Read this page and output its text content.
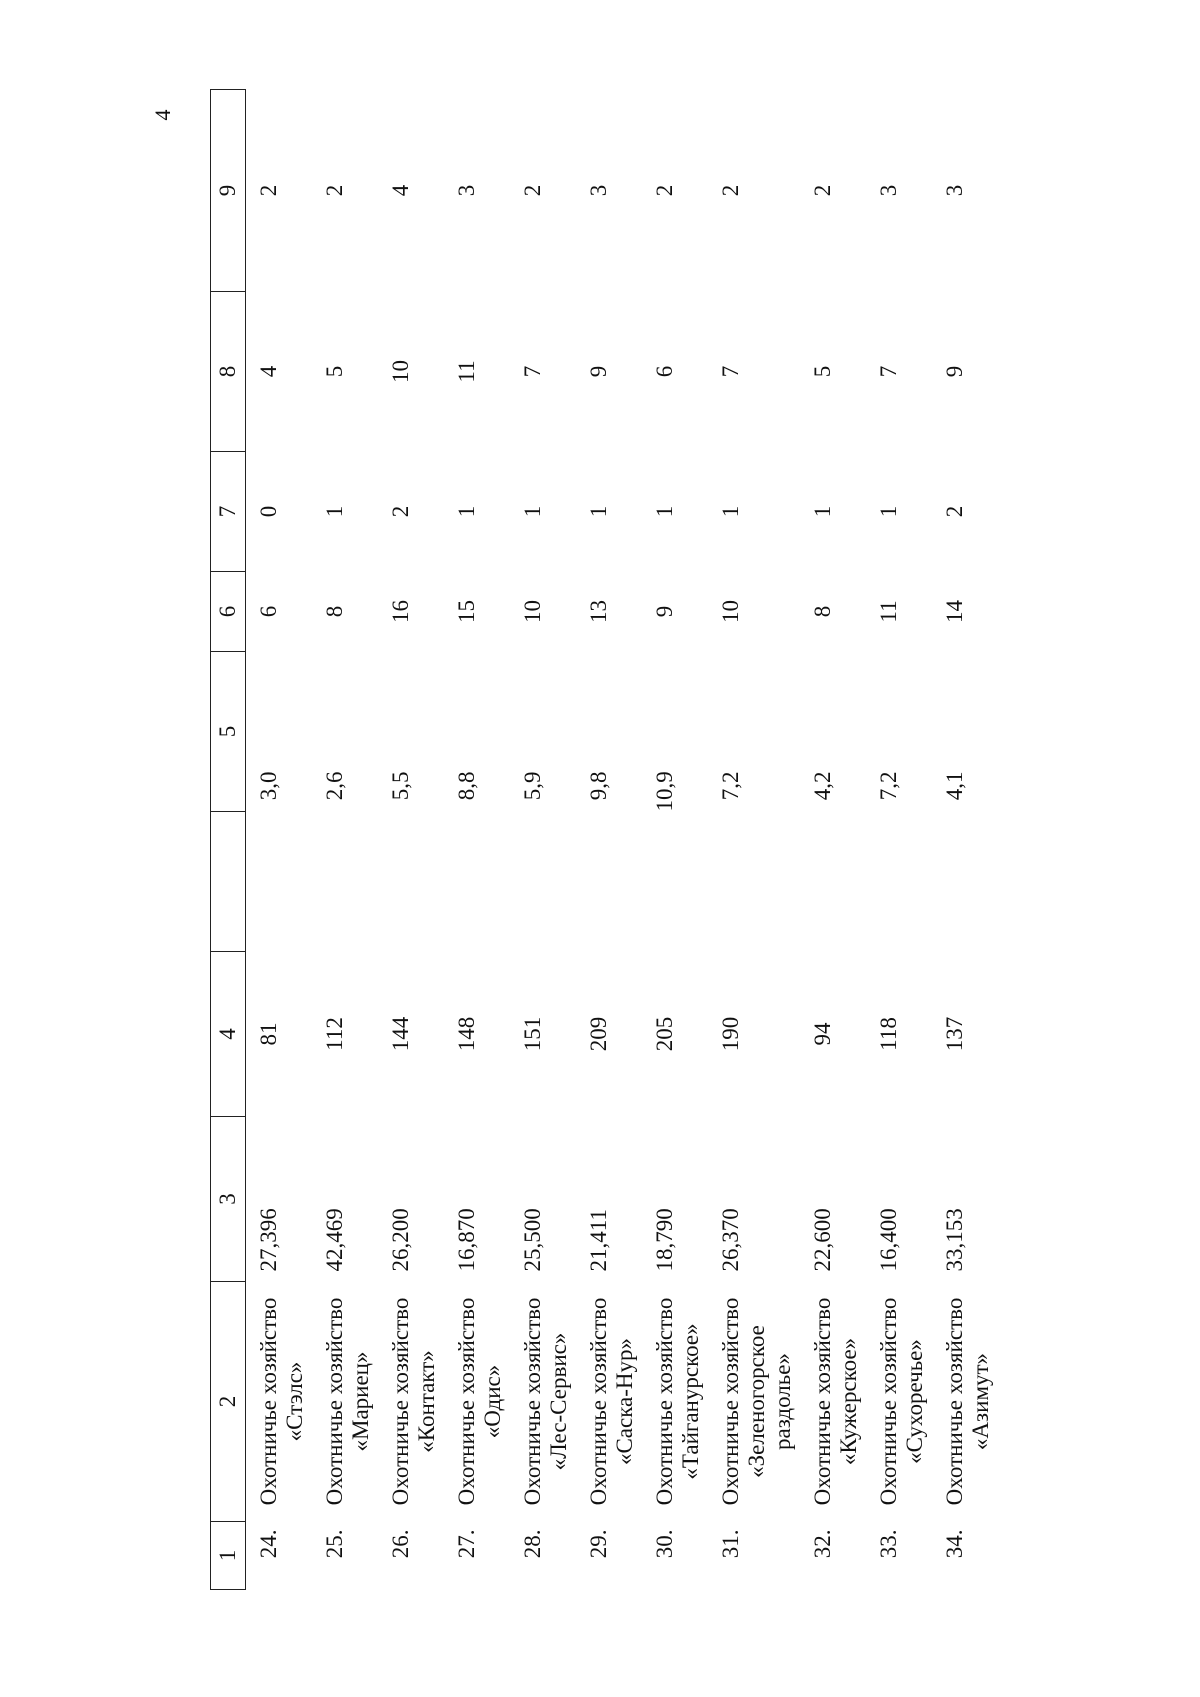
4
1	2	3	4		5	6	7	8	9
24.	Охотничье хозяйство «Стэлс»	27,396	81		3,0	6	0	4	2
25.	Охотничье хозяйство «Мариец»	42,469	112		2,6	8	1	5	2
26.	Охотничье хозяйство «Контакт»	26,200	144		5,5	16	2	10	4
27.	Охотничье хозяйство «Одис»	16,870	148		8,8	15	1	11	3
28.	Охотничье хозяйство «Лес-Сервис»	25,500	151		5,9	10	1	7	2
29.	Охотничье хозяйство «Саска-Нур»	21,411	209		9,8	13	1	9	3
30.	Охотничье хозяйство «Тайганурское»	18,790	205		10,9	9	1	6	2
31.	Охотничье хозяйство «Зеленогорское раздолье»	26,370	190		7,2	10	1	7	2
32.	Охотничье хозяйство «Кужерское»	22,600	94		4,2	8	1	5	2
33.	Охотничье хозяйство «Сухоречье»	16,400	118		7,2	11	1	7	3
34.	Охотничье хозяйство «Азимут»	33,153	137		4,1	14	2	9	3
